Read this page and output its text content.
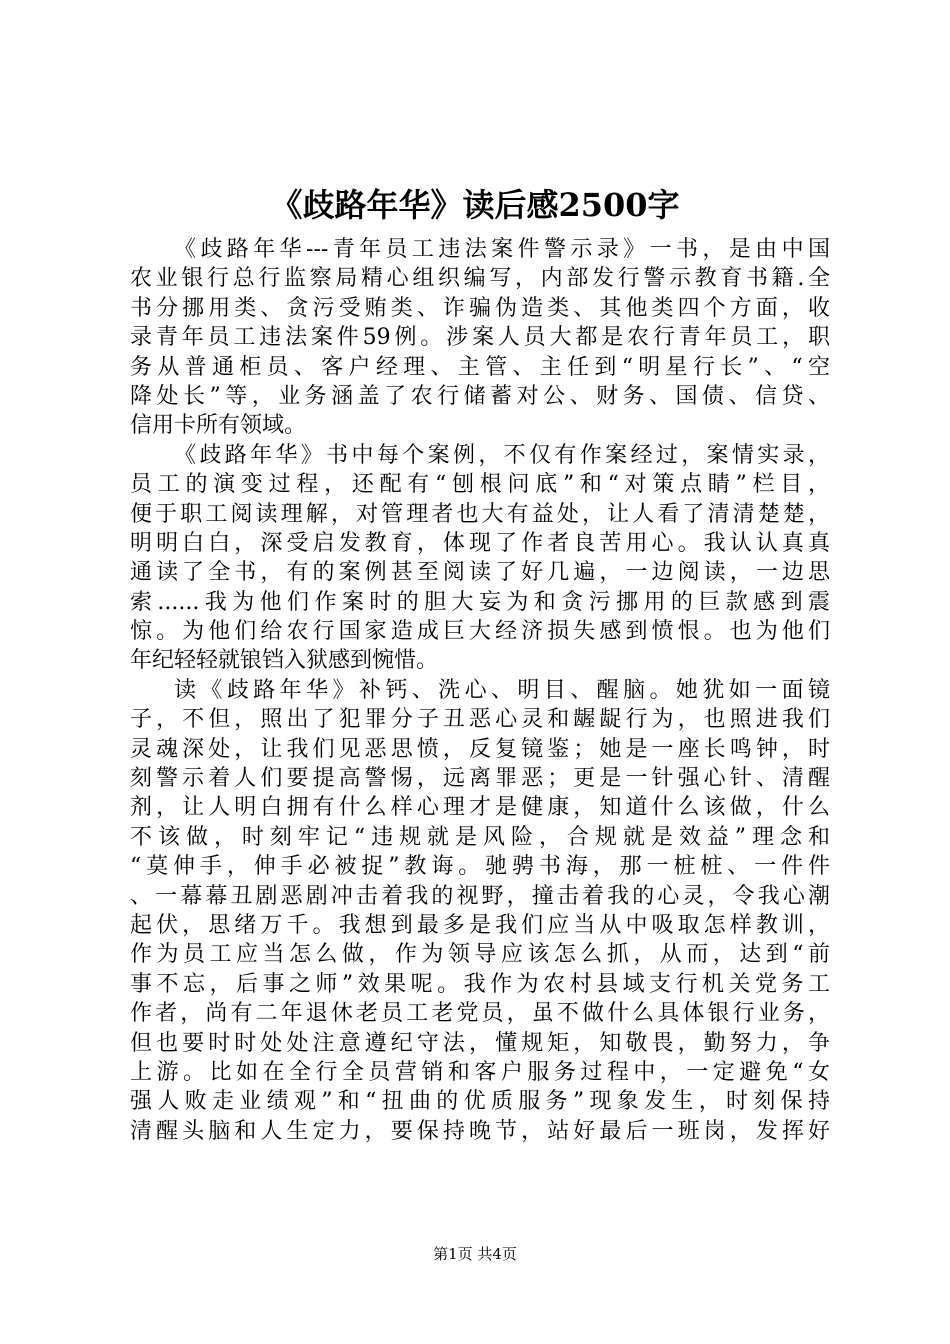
《歧路年华》读后感2500字
《歧路年华---青年员工违法案件警示录》一书，是由中国
农业银行总行监察局精心组织编写，内部发行警示教育书籍.全
书分挪用类、贪污受贿类、诈骗伪造类、其他类四个方面，收
录青年员工违法案件59例。涉案人员大都是农行青年员工，职
务从普通柜员、客户经理、主管、主任到“明星行长”、“空
降处长”等，业务涵盖了农行储蓄对公、财务、国债、信贷、
信用卡所有领域。
《歧路年华》书中每个案例，不仅有作案经过，案情实录，
员工的演变过程，还配有“刨根问底”和“对策点睛”栏目，
便于职工阅读理解，对管理者也大有益处，让人看了清清楚楚，
明明白白，深受启发教育，体现了作者良苦用心。我认认真真
通读了全书，有的案例甚至阅读了好几遍，一边阅读，一边思
索......我为他们作案时的胆大妄为和贪污挪用的巨款感到震
惊。为他们给农行国家造成巨大经济损失感到愤恨。也为他们
年纪轻轻就锒铛入狱感到惋惜。
读《歧路年华》补钙、洗心、明目、醒脑。她犹如一面镜
子，不但，照出了犯罪分子丑恶心灵和龌龊行为，也照进我们
灵魂深处，让我们见恶思愤，反复镜鉴；她是一座长鸣钟，时
刻警示着人们要提高警惕，远离罪恶；更是一针强心针、清醒
剂，让人明白拥有什么样心理才是健康，知道什么该做，什么
不该做，时刻牢记“违规就是风险，合规就是效益”理念和
“莫伸手，伸手必被捉”教诲。驰骋书海，那一桩桩、一件件
、一幕幕丑剧恶剧冲击着我的视野，撞击着我的心灵，令我心潮
起伏，思绪万千。我想到最多是我们应当从中吸取怎样教训，
作为员工应当怎么做，作为领导应该怎么抓，从而，达到“前
事不忘，后事之师”效果呢。我作为农村县域支行机关党务工
作者，尚有二年退休老员工老党员，虽不做什么具体银行业务，
但也要时时处处注意遵纪守法，懂规矩，知敬畏，勤努力，争
上游。比如在全行全员营销和客户服务过程中，一定避免“女
强人败走业绩观”和“扭曲的优质服务”现象发生，时刻保持
清醒头脑和人生定力，要保持晚节，站好最后一班岗，发挥好
第1页 共4页
